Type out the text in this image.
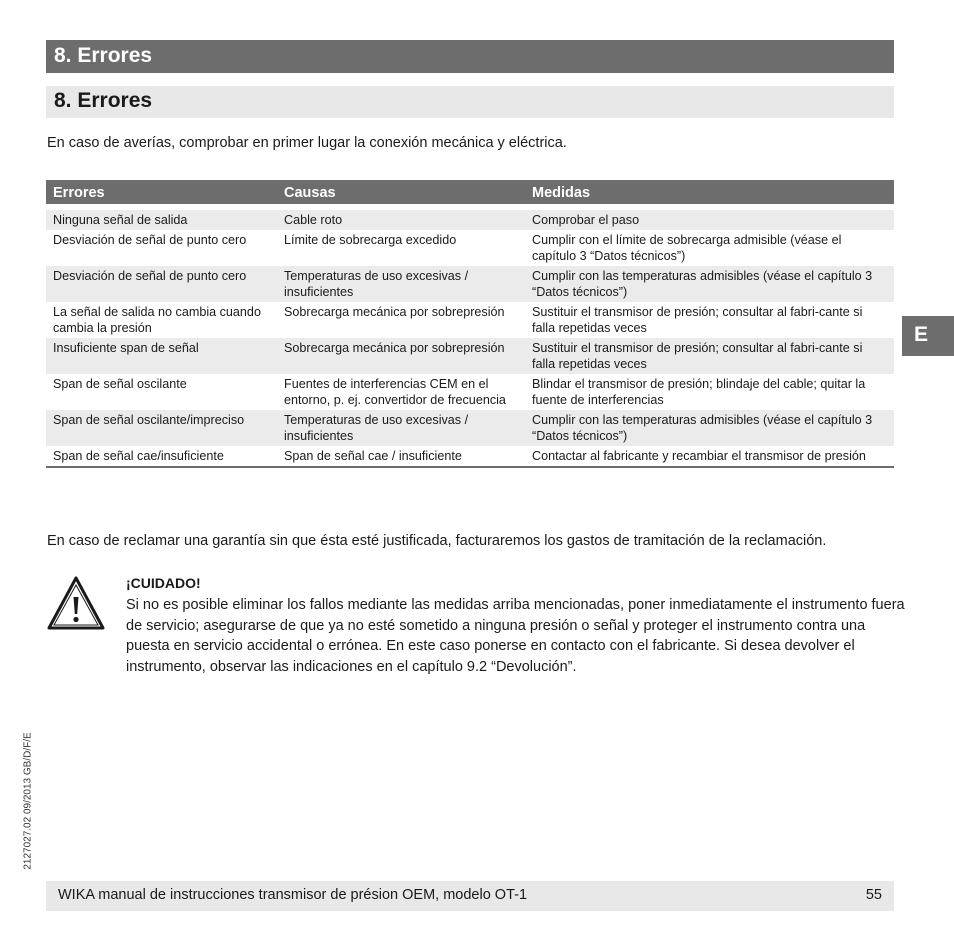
8. Errores
8. Errores
En caso de averías, comprobar en primer lugar la conexión mecánica y eléctrica.
Errores	Causas	Medidas

Ninguna señal de salida	Cable roto	Comprobar el paso
Desviación de señal de punto cero	Límite de sobrecarga excedido	Cumplir con el límite de sobrecarga admisible (véase el capítulo 3 “Datos técnicos”)
Desviación de señal de punto cero	Temperaturas de uso excesivas / insuficientes	Cumplir con las temperaturas admisibles (véase el capítulo 3 “Datos técnicos”)
La señal de salida no cambia cuando cambia la presión	Sobrecarga mecánica por sobrepresión	Sustituir el transmisor de presión; consultar al fabri-cante si falla repetidas veces
Insuficiente span de señal	Sobrecarga mecánica por sobrepresión	Sustituir el transmisor de presión; consultar al fabri-cante si falla repetidas veces
Span de señal oscilante	Fuentes de interferencias CEM en el entorno, p. ej. convertidor de frecuencia	Blindar el transmisor de presión; blindaje del cable; quitar la fuente de interferencias
Span de señal oscilante/impreciso	Temperaturas de uso excesivas / insuficientes	Cumplir con las temperaturas admisibles (véase el capítulo 3 “Datos técnicos”)
Span de señal cae/insuficiente	Span de señal cae / insuficiente	Contactar al fabricante y recambiar el transmisor de presión
En caso de reclamar una garantía sin que ésta esté justificada, facturaremos los gastos de tramitación de la reclamación.
¡CUIDADO!
Si no es posible eliminar los fallos mediante las medidas arriba mencionadas, poner inmediatamente el instrumento fuera de servicio; asegurarse de que ya no esté sometido a ninguna presión o señal y proteger el instrumento contra una puesta en servicio accidental o errónea. En este caso ponerse en contacto con el fabricante. Si desea devolver el instrumento, observar las indicaciones en el capítulo 9.2 “Devolución”.
E
2127027.02 09/2013 GB/D/F/E
WIKA manual de instrucciones transmisor de présion OEM, modelo OT-1	55
